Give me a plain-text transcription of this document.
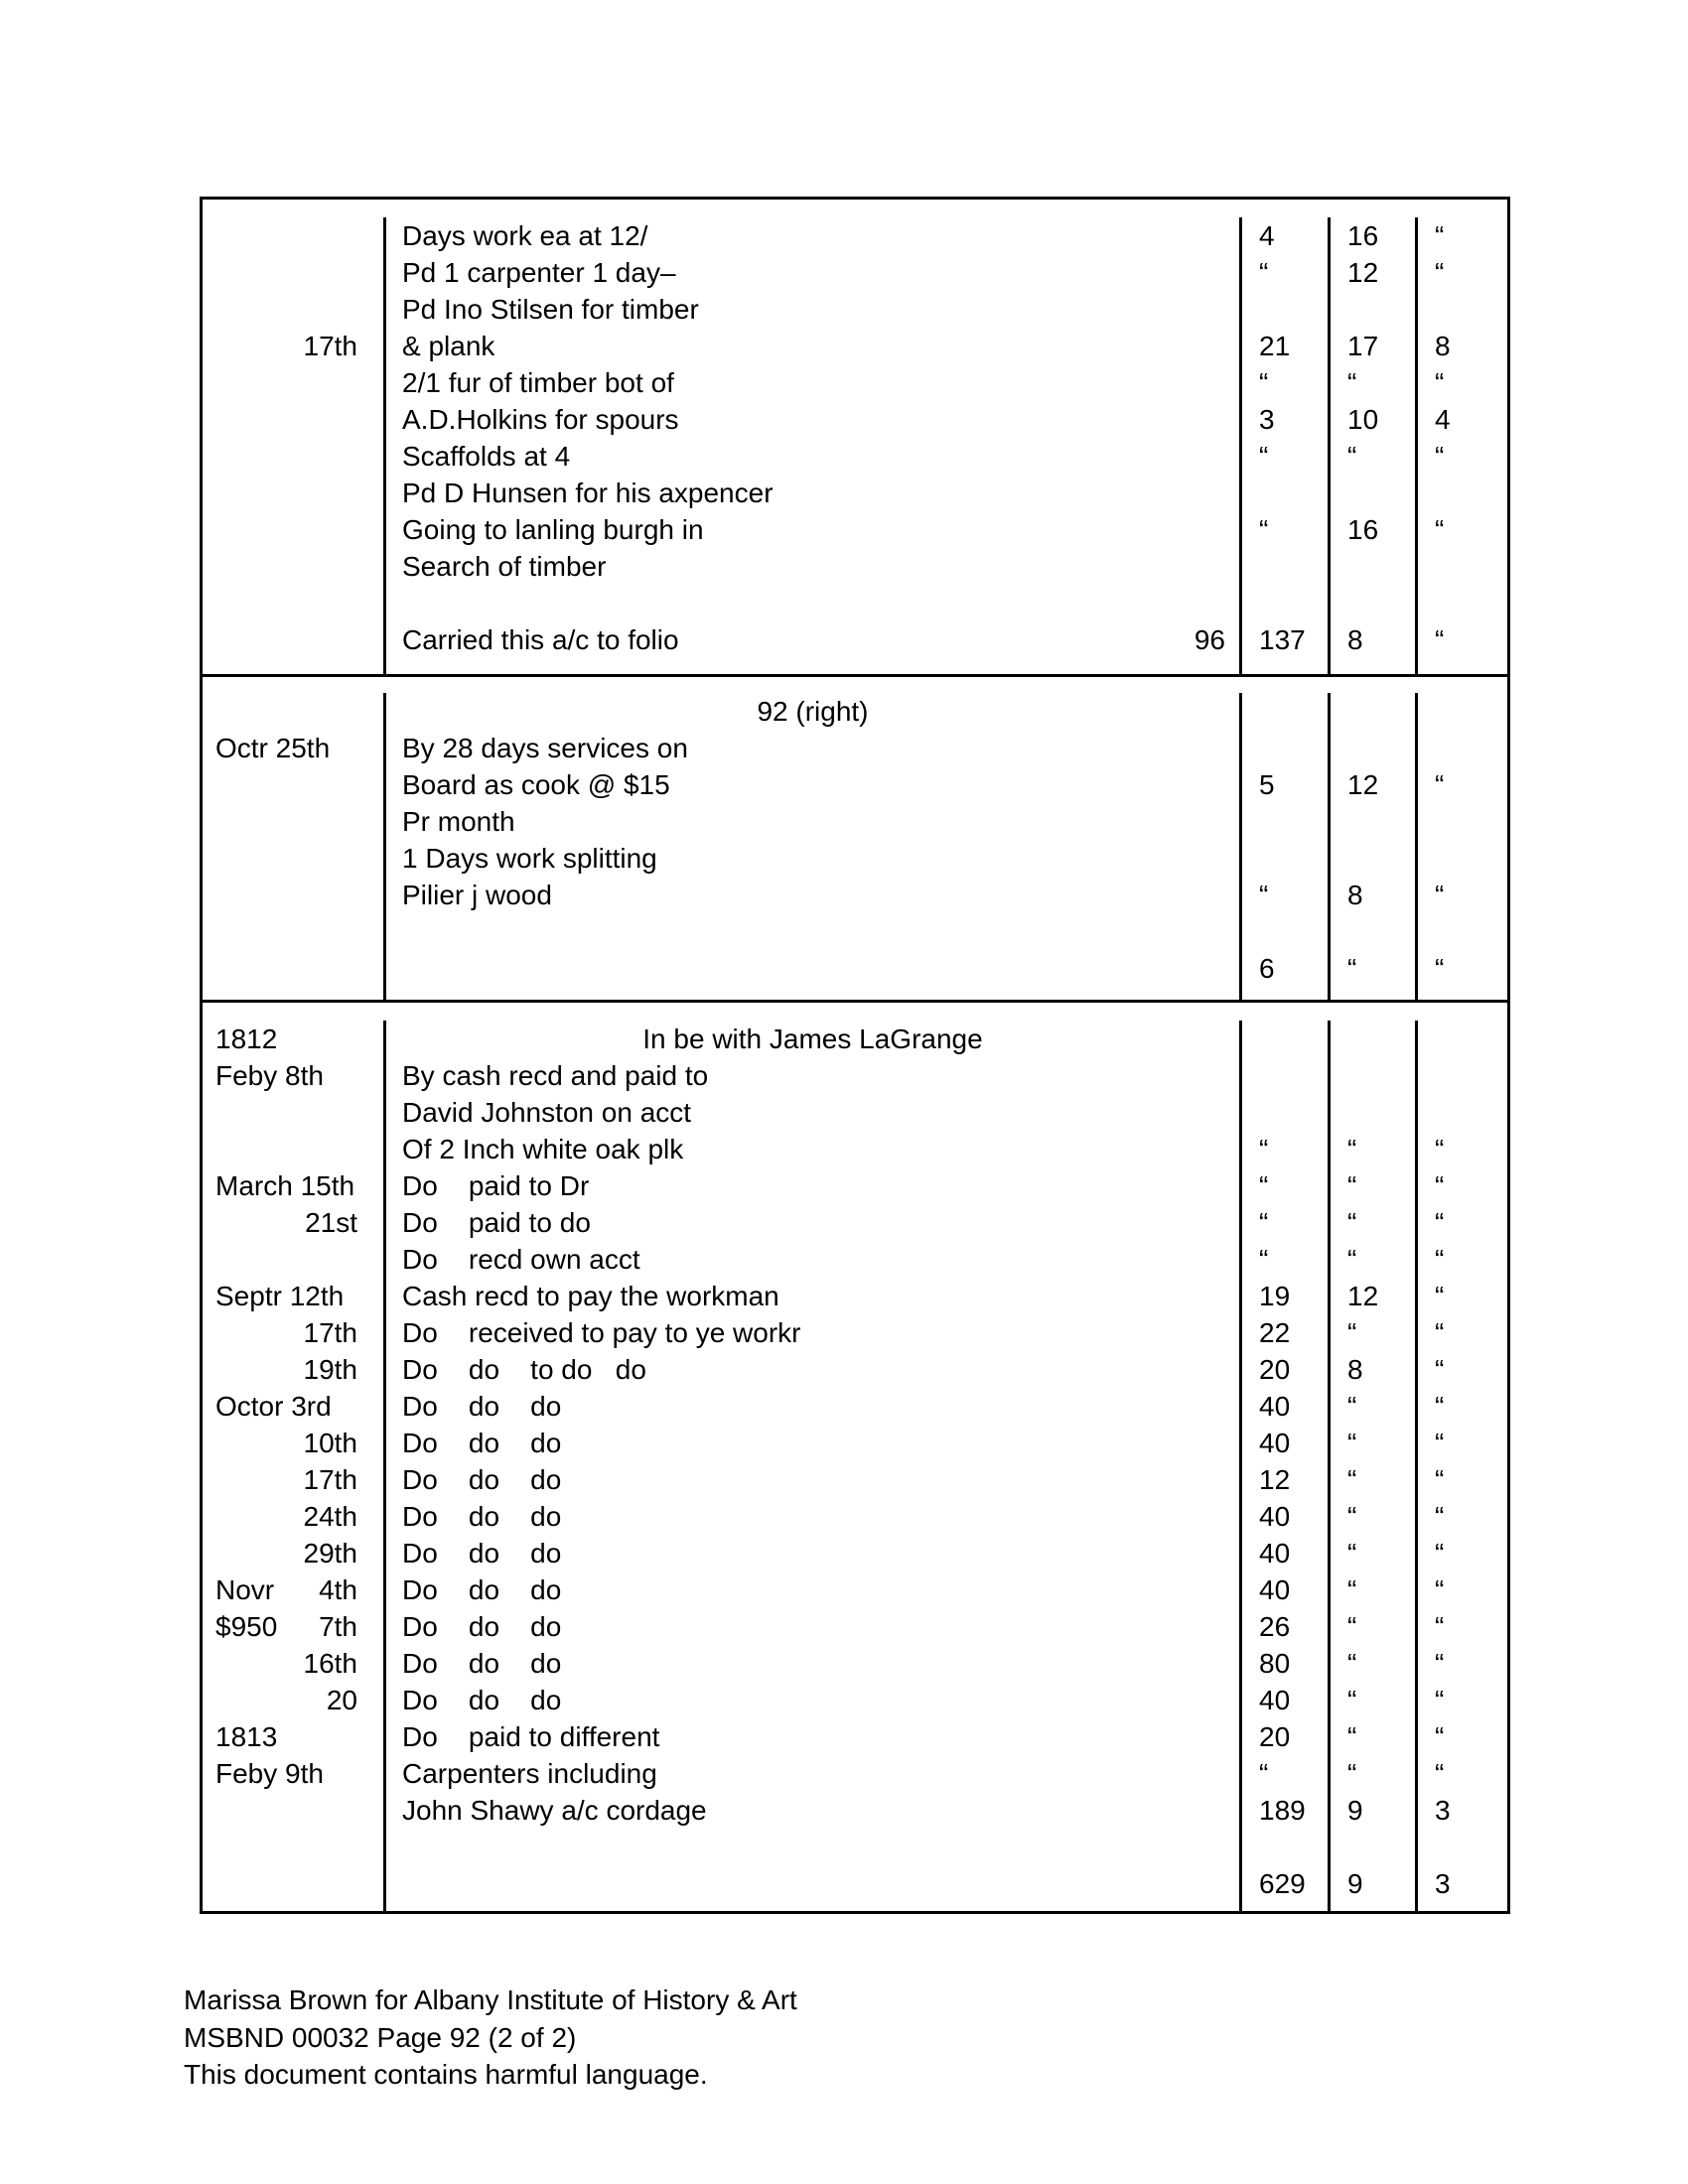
17th
Days work ea at 12/
Pd 1 carpenter 1 day–
Pd Ino Stilsen for timber
& plank
2/1 fur of timber bot of
A.D.Holkins for spours
Scaffolds at 4
Pd D Hunsen for his axpencer
Going to lanling burgh in
Search of timber
Carried this a/c to folio	96
4
“
21
“
3
“
“
137
16
12
17
“
10
“
16
8
“
“
8
“
4
“
“
“
Octr 25th
92 (right)
By 28 days services on
Board as cook @ $15
Pr month
1 Days work splitting
Pilier j wood
5
“
6
12
8
“
“
“
“
1812
Feby 8th
March 15th
21st
Septr 12th
17th
19th
Octor 3rd
10th
17th
24th
29th
Novr 4th
$950 7th
16th
20
1813
Feby 9th
In be with James LaGrange
By cash recd and paid to
David Johnston on acct
Of 2 Inch white oak plk
Do    paid to Dr
Do    paid to do
Do    recd own acct
Cash recd to pay the workman
Do    received to pay to ye workr
Do    do    to do   do
Do    do    do
Do    do    do
Do    do    do
Do    do    do
Do    do    do
Do    do    do
Do    do    do
Do    do    do
Do    do    do
Do    paid to different
Carpenters including
John Shawy a/c cordage
“
“
“
“
19
22
20
40
40
12
40
40
40
26
80
40
20
“
189
629
“
“
“
“
12
“
8
“
“
“
“
“
“
“
“
“
“
“
9
9
“
“
“
“
“
“
“
“
“
“
“
“
“
“
“
“
“
“
3
3
Marissa Brown for Albany Institute of History & Art
MSBND 00032 Page 92 (2 of 2)
This document contains harmful language.
